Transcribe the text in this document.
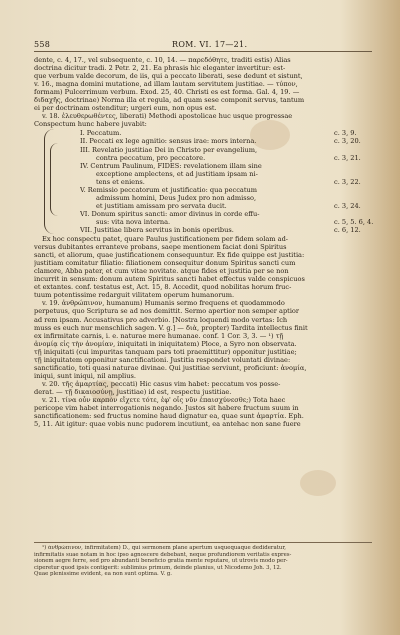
558	ROM. VI. 17—21.
dente, c. 4, 17., vel subsequente, c. 10, 14. — παρεδόθητε, traditi estis) Alias
doctrina dicitur tradi. 2 Petr. 2, 21. Ea phrasis hic eleganter invertitur: est-
que verbum valde decorum, de iis, qui a peccato liberati, sese dedunt et sistunt,
v. 16., magna domini mutatione, ad illam lautam servitutem justitiae. — τύπον,
formam) Pulcerrimum verbum. Exod. 25, 40. Christi es est forma. Gal. 4, 19. —
διδαχῆς, doctrinae) Norma illa et regula, ad quam sese componit servus, tantum
ei per doctrinam ostenditur; urgeri eum, non opus est.
v. 18. ἐλευθερωθέντες, liberati) Methodi apostolicae huc usque progressae
Conspectum hunc habere juvabit:
I. Peccatum.	c. 3, 9.
II. Peccati ex lege agnitio: sensus irae: mors interna.	c. 3, 20.
III. Revelatio justitiae Dei in Christo per evangelium,
contra peccatum, pro peccatore.	c. 3, 21.
IV. Centrum Paulinum, FIDES: revelationem illam sine
exceptione amplectens, et ad justitiam ipsam ni-
tens et eniens.	c. 3, 22.
V. Remissio peccatorum et justificatio: qua peccatum
admissum homini, Deus Judex pro non admisso,
et justitiam amissam pro servata ducit.	c. 3, 24.
VI. Donum spiritus sancti: amor divinus in corde effu-
sus: vita nova interna.	c. 5, 5. 6, 4.
VII. Justitiae libera servitus in bonis operibus.	c. 6, 12.
Ex hoc conspectu patet, quare Paulus justificationem per fidem solam ad-
versus dubitantes erranteve probans, saepe mentionem faciat doni Spiritus
sancti, et aliorum, quae justificationem consequuntur. Ex fide quippe est justitia:
justitiam comitatur filiatio: filiationem consequitur donum Spiritus sancti cum
clamore, Abba pater, et cum vitae novitate. atque fides et justitia per se non
incurrit in sensum: donum autem Spiritus sancti habet effectus valde conspicuos
et extantes. conf. testatus est, Act. 15, 8. Accedit, quod nobilitas horum fruc-
tuum potentissime redarguit vilitatem operum humanorum.
v. 19. ἀνθρώπινον, humanum) Humanis sermo frequens et quodammodo
perpetuus, quo Scriptura se ad nos demittit. Sermo apertior non semper aptior
ad rem ipsam. Accusativus pro adverbio. [Nostra loquendi modo vertas: Ich
muss es euch nur menschlich sagen. V. g.] — διὰ, propter) Tardita intellectus finit
ex infirmitate carnis, i. e. naturae mere humanae. conf. 1 Cor. 3, 3. — ¹) τῇ
ἀνομίᾳ εἰς τὴν ἀνομίαν, iniquitati in iniquitatem) Ploce, a Syro non observata.
τῇ iniquitati (cui impuritas tanquam pars toti praemittitur) opponitur justitiae;
τῇ iniquitatem opponitur sanctificationi. Justitia respondet voluntati divinae:
sanctificatio, toti quasi naturae divinae. Qui justitiae serviunt, proficiunt: ἀνομία,
iniqui, sunt iniqui, nil amplius.
v. 20. τῆς ἁμαρτίας, peccati) Hic casus vim habet: peccatum vos posse-
derat. — τῇ δικαιοσύνῃ, justitiae) id est, respectu justitiae.
v. 21. τίνα οὖν καρπὸν εἴχετε τότε, ἐφ' οἷς νῦν ἐπαισχύνεσθε;) Tota haec
pericope vim habet interrogationis negando. Justos sit habere fructum suum in
sanctificationem: sed fructus nomine haud dignatur ea, quae sunt ἁμαρτία. Eph.
5, 11. Ait igitur: quae vobis nunc pudorem incutiunt, ea antehac non sane fuere
¹) ἀνθρώπινον, infirmitatem) D., qui sermonem plane apertum usquequaque dedideratur,
infirmitatis suae notam in hoc ipso agnoscere debebant, neque profundiorem veritatis expres-
sionem aegre ferre, sed pro abundanti beneficio gratia mente reputare, ut utrovis modo per-
ciperetur quod ipsis contigerit: sublimius primum, deinde planius, ut Nicodemo Joh. 3, 12.
Quae plenissime evident, ea non sunt optima. V. g.
